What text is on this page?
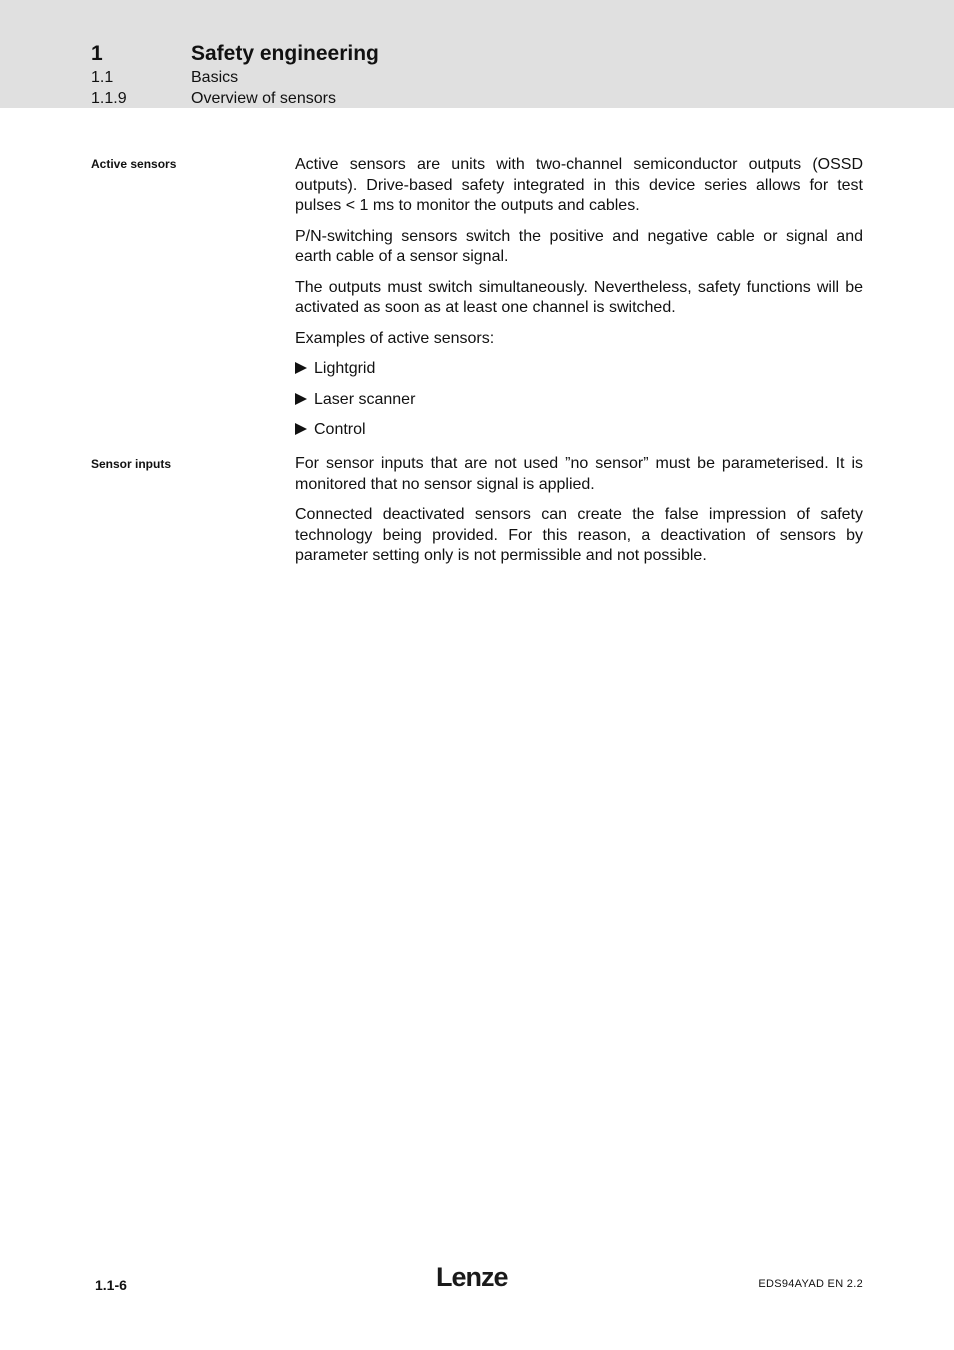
1	Safety engineering
1.1	Basics
1.1.9	Overview of sensors
Active sensors	Active sensors are units with two-channel semiconductor outputs (OSSD outputs). Drive-based safety integrated in this device series allows for test pulses < 1 ms to monitor the outputs and cables.

P/N-switching sensors switch the positive and negative cable or signal and earth cable of a sensor signal.

The outputs must switch simultaneously. Nevertheless, safety functions will be activated as soon as at least one channel is switched.

Examples of active sensors:

Lightgrid
Laser scanner
Control
Sensor inputs	For sensor inputs that are not used ”no sensor” must be parameterised. It is monitored that no sensor signal is applied.

Connected deactivated sensors can create the false impression of safety technology being provided. For this reason, a deactivation of sensors by parameter setting only is not permissible and not possible.

1.1-6	Lenze	EDS94AYAD EN 2.2
